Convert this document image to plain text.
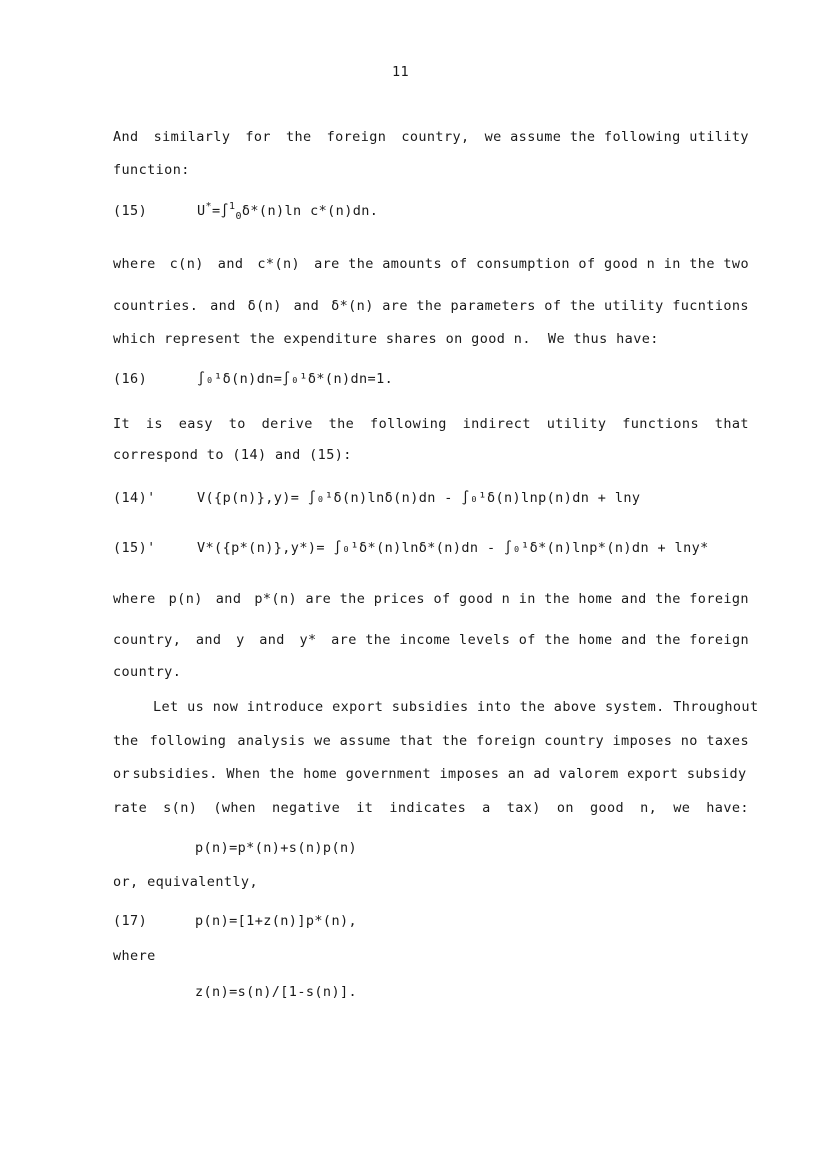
11
And similarly for the foreign country, we assume the following utility
function:
(15)	U*=∫$^1_0$δ*(n)ln c*(n)dn.
where c(n) and c*(n) are the amounts of consumption of good n in the two
countries. and δ(n) and δ*(n) are the parameters of the utility fucntions
which represent the expenditure shares on good n.  We thus have:
(16)	∫₀¹δ(n)dn=∫₀¹δ*(n)dn=1.
It is easy to derive the following indirect utility functions that
correspond to (14) and (15):
(14)'	V({p(n)},y)= ∫₀¹δ(n)lnδ(n)dn - ∫₀¹δ(n)lnp(n)dn + lny
(15)'	V*({p*(n)},y*)= ∫₀¹δ*(n)lnδ*(n)dn - ∫₀¹δ*(n)lnp*(n)dn + lny*
where p(n) and p*(n) are the prices of good n in the home and the foreign
country, and y and y* are the income levels of the home and the foreign
country.
Let us now introduce export subsidies into the above system. Throughout
the following analysis we assume that the foreign country imposes no taxes
or subsidies. When the home government imposes an ad valorem export subsidy
rate s(n) (when negative it indicates a tax) on good n, we have:
p(n)=p*(n)+s(n)p(n)
or, equivalently,
(17)	p(n)=[1+z(n)]p*(n),
where
z(n)=s(n)/[1-s(n)].
